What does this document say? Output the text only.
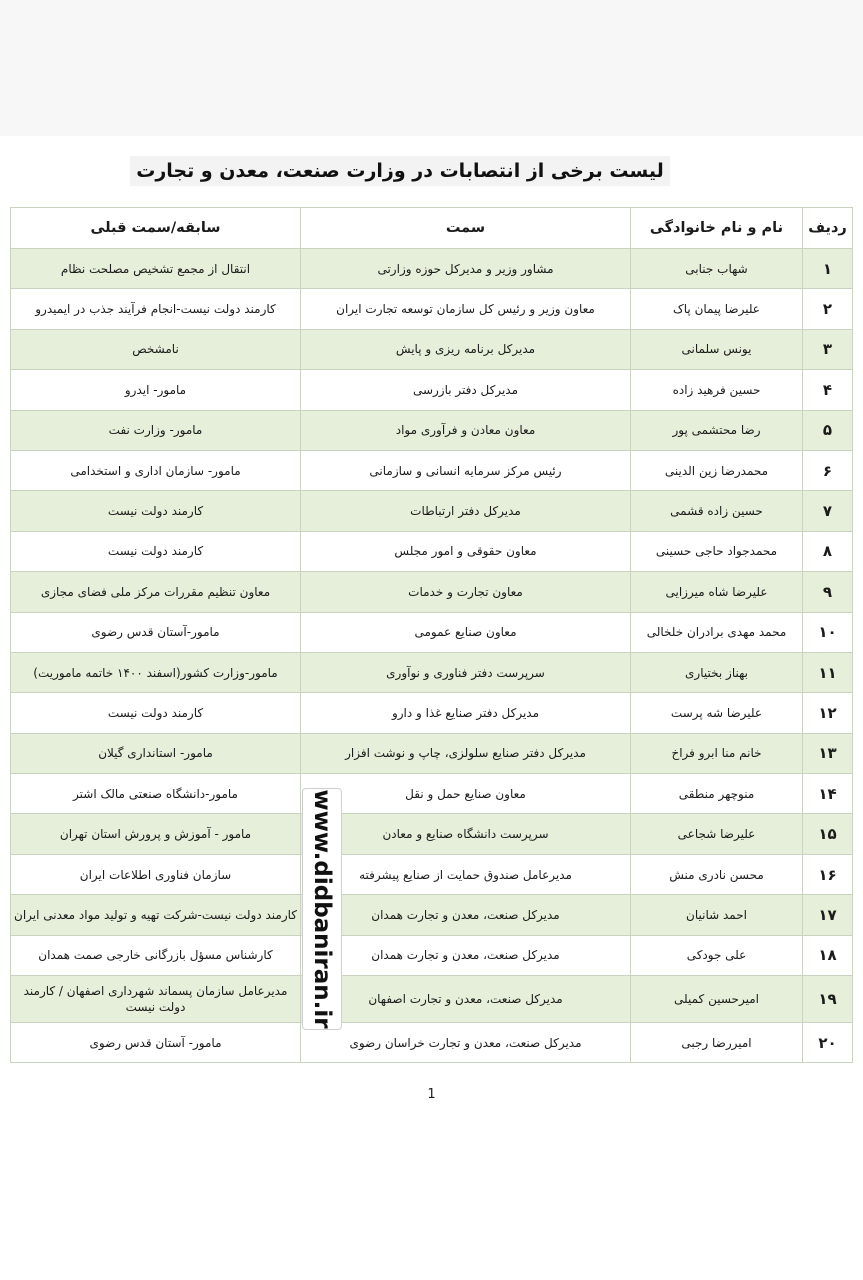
لیست برخی از انتصابات در وزارت صنعت، معدن و تجارت
ردیف	نام و نام خانوادگی	سمت	سابقه/سمت قبلی
۱	شهاب جنابی	مشاور وزیر و مدیرکل حوزه وزارتی	انتقال از مجمع تشخیص مصلحت نظام
۲	علیرضا پیمان پاک	معاون وزیر و رئیس کل سازمان توسعه تجارت ایران	کارمند دولت نیست-انجام فرآیند جذب در ایمیدرو
۳	یونس سلمانی	مدیرکل برنامه ریزی و پایش	نامشخص
۴	حسین فرهید زاده	مدیرکل دفتر بازرسی	مامور- ایدرو
۵	رضا محتشمی پور	معاون معادن و فرآوری مواد	مامور- وزارت نفت
۶	محمدرضا زین الدینی	رئیس مرکز سرمایه انسانی و سازمانی	مامور- سازمان اداری و استخدامی
۷	حسین زاده قشمی	مدیرکل دفتر ارتباطات	کارمند دولت نیست
۸	محمدجواد حاجی حسینی	معاون حقوقی و امور مجلس	کارمند دولت نیست
۹	علیرضا شاه میرزایی	معاون تجارت و خدمات	معاون تنظیم مقررات مرکز ملی فضای مجازی
۱۰	محمد مهدی برادران خلخالی	معاون صنایع عمومی	مامور-آستان قدس رضوی
۱۱	بهناز بختیاری	سرپرست دفتر فناوری و نوآوری	مامور-وزارت کشور(اسفند ۱۴۰۰ خاتمه ماموریت)
۱۲	علیرضا شه پرست	مدیرکل دفتر صنایع غذا و دارو	کارمند دولت نیست
۱۳	خانم منا ابرو فراخ	مدیرکل دفتر صنایع سلولزی، چاپ و نوشت افزار	مامور- استانداری گیلان
۱۴	منوچهر منطقی	معاون صنایع حمل و نقل	مامور-دانشگاه صنعتی مالک اشتر
۱۵	علیرضا شجاعی	سرپرست دانشگاه صنایع و معادن	مامور - آموزش و پرورش استان تهران
۱۶	محسن نادری منش	مدیرعامل صندوق حمایت از صنایع پیشرفته	سازمان فناوری اطلاعات ایران
۱۷	احمد شانیان	مدیرکل صنعت، معدن و تجارت همدان	کارمند دولت نیست-شرکت تهیه و تولید مواد معدنی ایران
۱۸	علی جودکی	مدیرکل صنعت، معدن و تجارت همدان	کارشناس مسؤل بازرگانی خارجی صمت همدان
۱۹	امیرحسین کمیلی	مدیرکل صنعت، معدن و تجارت اصفهان	مدیرعامل سازمان پسماند شهرداری اصفهان / کارمند دولت نیست
۲۰	امیررضا رجبی	مدیرکل صنعت، معدن و تجارت خراسان رضوی	مامور- آستان قدس رضوی
www.didbaniran.ir
1
